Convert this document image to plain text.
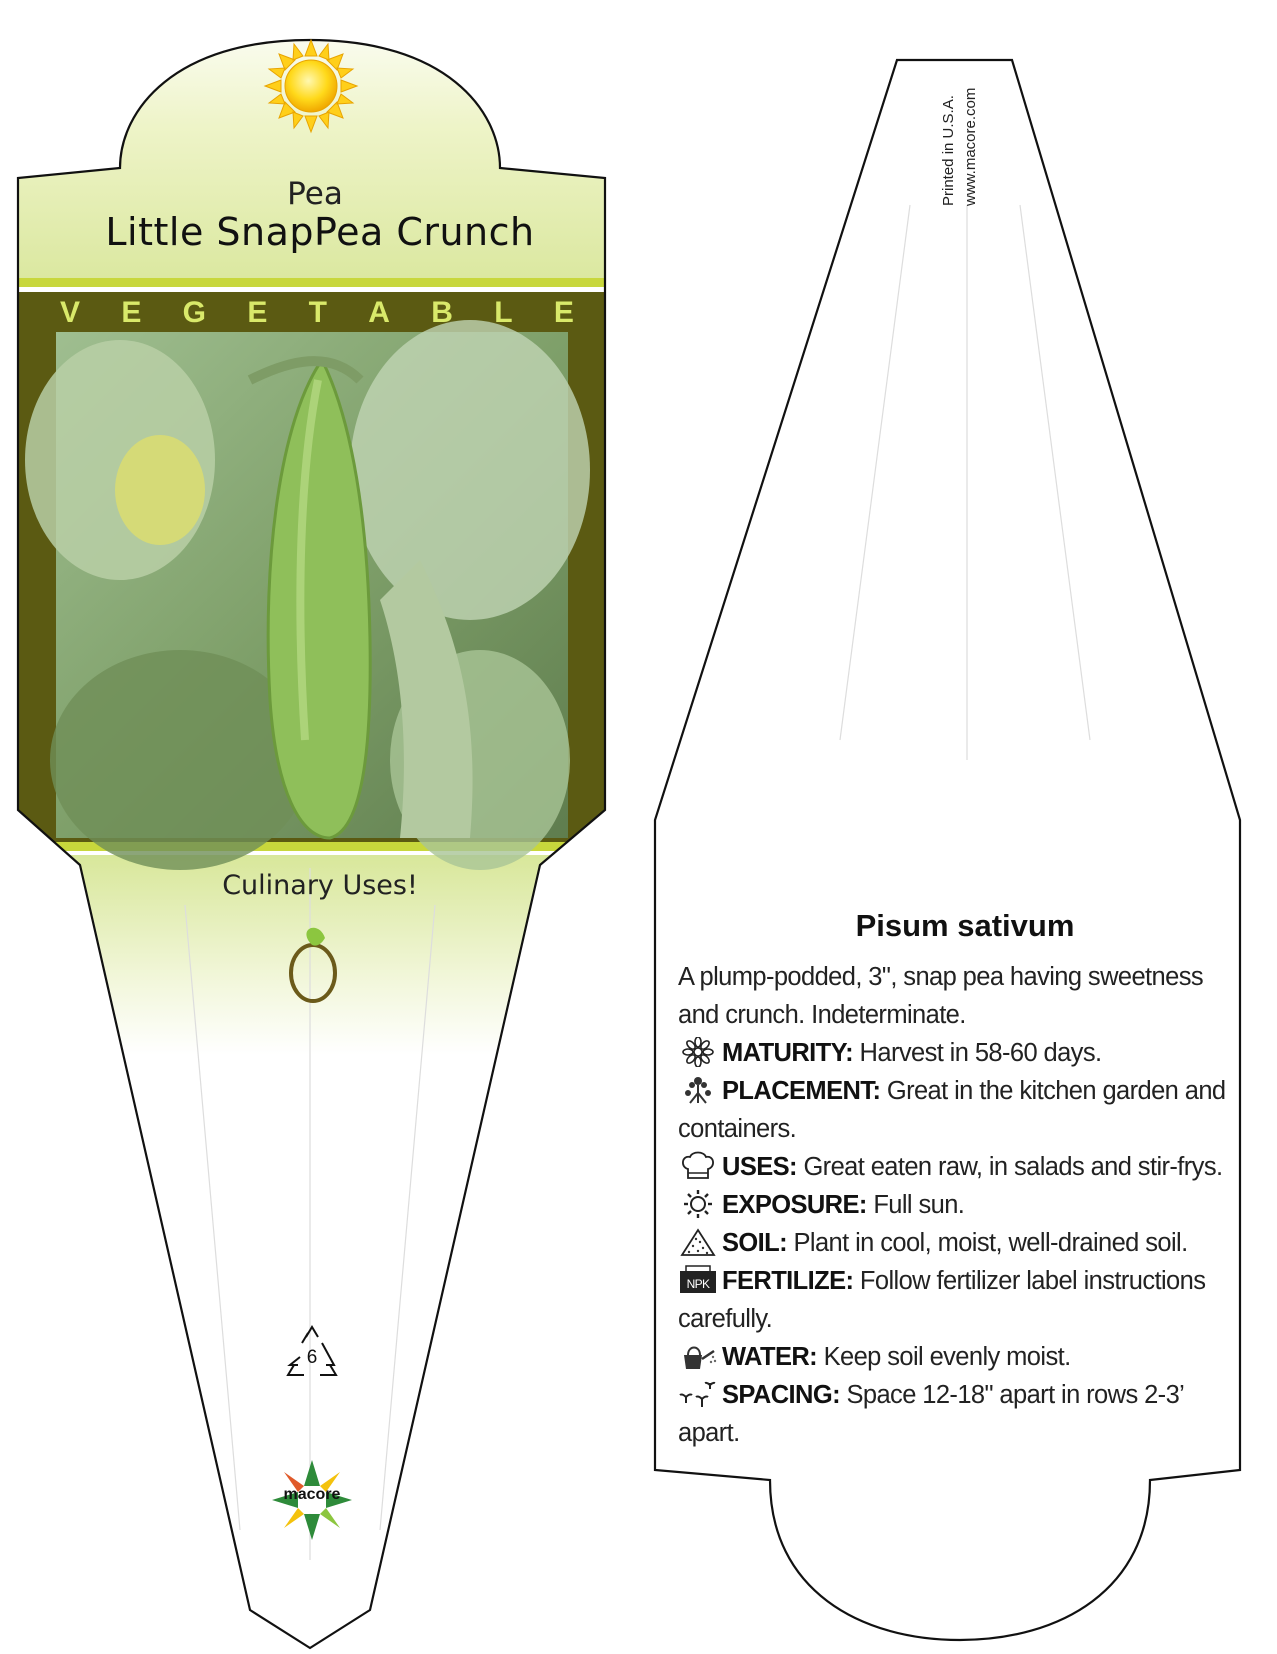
Pea
Little SnapPea Crunch
V E G E T A B L E
Culinary Uses!
6
macore
Printed in U.S.A. www.macore.com
Pisum sativum
A plump-podded, 3", snap pea having sweetness and crunch. Indeterminate.
MATURITY: Harvest in 58-60 days.
PLACEMENT: Great in the kitchen garden and containers.
USES: Great eaten raw, in salads and stir-frys.
EXPOSURE: Full sun.
SOIL: Plant in cool, moist, well-drained soil.
NPK FERTILIZE: Follow fertilizer label instructions carefully.
WATER: Keep soil evenly moist.
SPACING: Space 12-18" apart in rows 2-3’ apart.
